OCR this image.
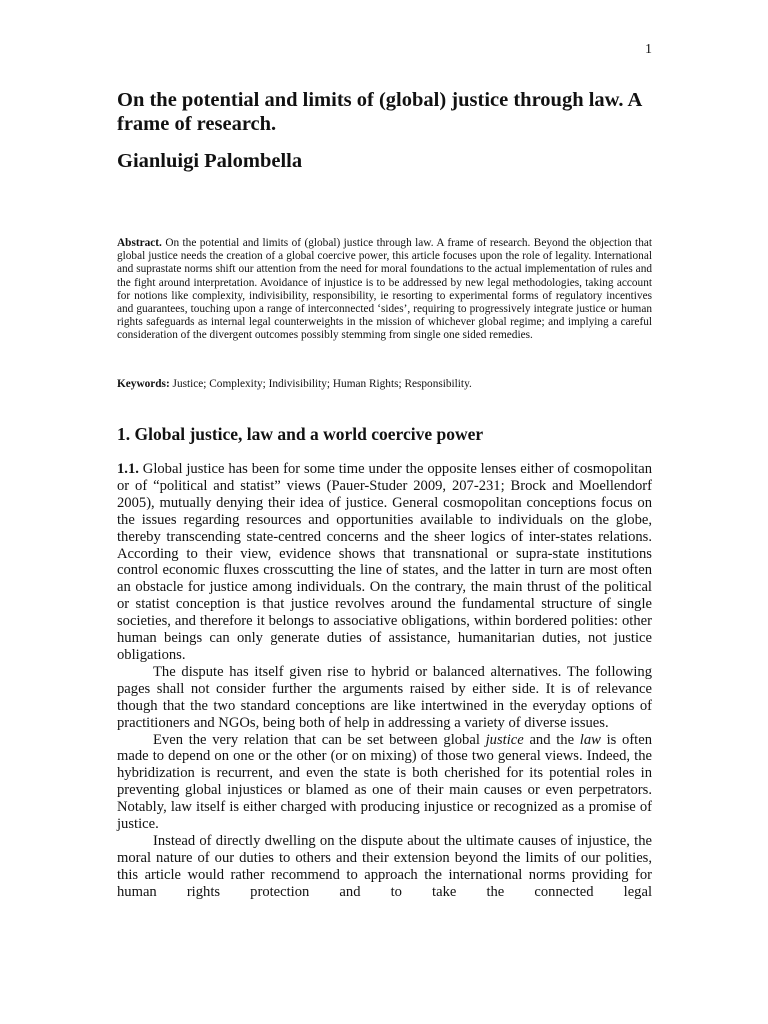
1
On the potential and limits of (global) justice through law. A frame of research.
Gianluigi Palombella

Abstract. On the potential and limits of (global) justice through law. A frame of research. Beyond the objection that global justice needs the creation of a global coercive power, this article focuses upon the role of legality. International and suprastate norms shift our attention from the need for moral foundations to the actual implementation of rules and the fight around interpretation. Avoidance of injustice is to be addressed by new legal methodologies, taking account for notions like complexity, indivisibility, responsibility, ie resorting to experimental forms of regulatory incentives and guarantees, touching upon a range of interconnected ‘sides’, requiring to progressively integrate justice or human rights safeguards as internal legal counterweights in the mission of whichever global regime; and implying a careful consideration of the divergent outcomes possibly stemming from single one sided remedies.

Keywords: Justice; Complexity; Indivisibility; Human Rights; Responsibility.

1. Global justice, law and a world coercive power

1.1. Global justice has been for some time under the opposite lenses either of cosmopolitan or of “political and statist” views (Pauer-Studer 2009, 207-231; Brock and Moellendorf 2005), mutually denying their idea of justice. General cosmopolitan conceptions focus on the issues regarding resources and opportunities available to individuals on the globe, thereby transcending state-centred concerns and the sheer logics of inter-states relations. According to their view, evidence shows that transnational or supra-state institutions control economic fluxes crosscutting the line of states, and the latter in turn are most often an obstacle for justice among individuals. On the contrary, the main thrust of the political or statist conception is that justice revolves around the fundamental structure of single societies, and therefore it belongs to associative obligations, within bordered polities: other human beings can only generate duties of assistance, humanitarian duties, not justice obligations.

The dispute has itself given rise to hybrid or balanced alternatives. The following pages shall not consider further the arguments raised by either side. It is of relevance though that the two standard conceptions are like intertwined in the everyday options of practitioners and NGOs, being both of help in addressing a variety of diverse issues.

Even the very relation that can be set between global justice and the law is often made to depend on one or the other (or on mixing) of those two general views. Indeed, the hybridization is recurrent, and even the state is both cherished for its potential roles in preventing global injustices or blamed as one of their main causes or even perpetrators. Notably, law itself is either charged with producing injustice or recognized as a promise of justice.

Instead of directly dwelling on the dispute about the ultimate causes of injustice, the moral nature of our duties to others and their extension beyond the limits of our polities, this article would rather recommend to approach the international norms providing for human rights protection and to take the connected legal
